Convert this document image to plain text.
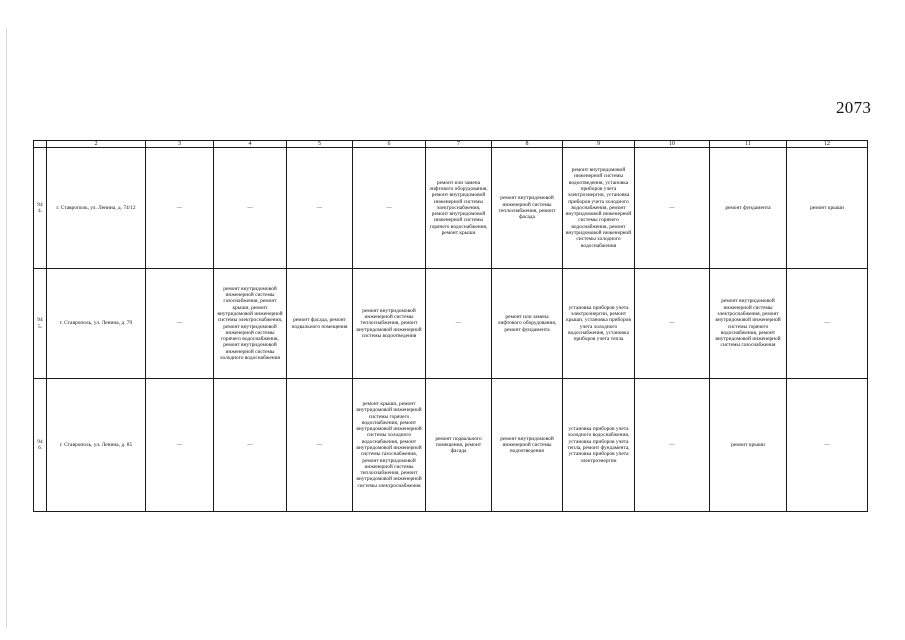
2073
	2	3	4	5	6	7	8	9	10	11	12
944.	г. Ставрополь, ул. Ленина, д. 74/12	—	—	—	—	ремонт или замена лифтового оборудования, ремонт внутридомовой инженерной системы электроснабжения, ремонт внутридомовой инженерной системы горячего водоснабжения, ремонт крыши	ремонт внутридомовой инженерной системы теплоснабжения, ремонт фасада	ремонт внутридомовой инженерной системы водоотведения, установка приборов учета электроэнергии, установка приборов учета холодного водоснабжения, ремонт внутридомовой инженерной системы горячего водоснабжения, ремонт внутридомовой инженерной системы холодного водоснабжения	—	ремонт фундамента	ремонт крыши
945.	г. Ставрополь, ул. Ленина, д. 79	—	ремонт внутридомовой инженерной системы газоснабжения, ремонт крыши, ремонт внутридомовой инженерной системы электроснабжения, ремонт внутридомовой инженерной системы горячего водоснабжения, ремонт внутридомовой инженерной системы холодного водоснабжения	ремонт фасада, ремонт подвального помещения	ремонт внутридомовой инженерной системы теплоснабжения, ремонт внутридомовой инженерной системы водоотведения	—	ремонт или замена лифтового оборудования, ремонт фундамента	установка приборов учета электроэнергии, ремонт крыши, установка приборов учета холодного водоснабжения, установка приборов учета тепла	—	ремонт внутридомовой инженерной системы электроснабжения, ремонт внутридомовой инженерной системы горячего водоснабжения, ремонт внутридомовой инженерной системы газоснабжения	—
946.	г. Ставрополь, ул. Ленина, д. 85	—	—	—	ремонт крыши, ремонт внутридомовой инженерной системы горячего водоснабжения, ремонт внутридомовой инженерной системы холодного водоснабжения, ремонт внутридомовой инженерной системы газоснабжения, ремонт внутридомовой инженерной системы теплоснабжения, ремонт внутридомовой инженерной системы электроснабжения	ремонт подвального помещения, ремонт фасада	ремонт внутридомовой инженерной системы водоотведения	установка приборов учета холодного водоснабжения, установка приборов учета тепла, ремонт фундамента, установка приборов учета электроэнергии	—	ремонт крыши	—
